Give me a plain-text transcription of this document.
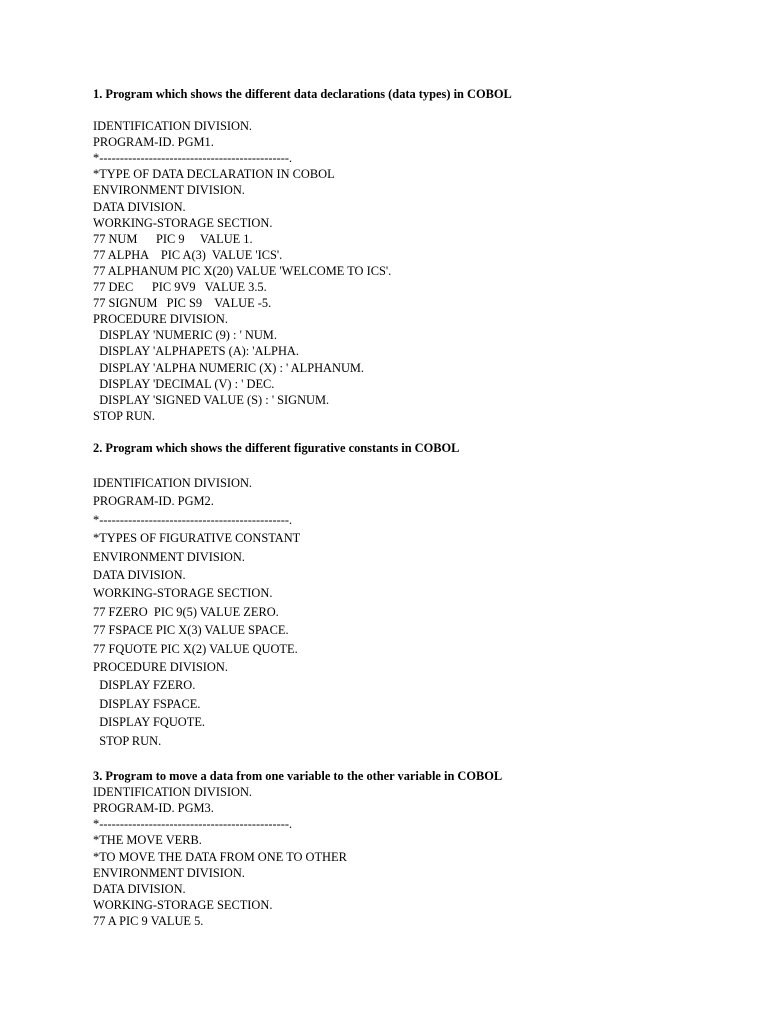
1. Program which shows the different data declarations (data types) in COBOL

IDENTIFICATION DIVISION.

PROGRAM-ID. PGM1.

*----------------------------------------------.

*TYPE OF DATA DECLARATION IN COBOL

ENVIRONMENT DIVISION.

DATA DIVISION.

WORKING-STORAGE SECTION.

77 NUM      PIC 9     VALUE 1.

77 ALPHA    PIC A(3)  VALUE 'ICS'.

77 ALPHANUM PIC X(20) VALUE 'WELCOME TO ICS'.

77 DEC      PIC 9V9   VALUE 3.5.

77 SIGNUM   PIC S9    VALUE -5.

PROCEDURE DIVISION.

DISPLAY 'NUMERIC (9) : ' NUM.

DISPLAY 'ALPHAPETS (A): 'ALPHA.

DISPLAY 'ALPHA NUMERIC (X) : ' ALPHANUM.

DISPLAY 'DECIMAL (V) : ' DEC.

DISPLAY 'SIGNED VALUE (S) : ' SIGNUM.

STOP RUN.

2. Program which shows the different figurative constants in COBOL

IDENTIFICATION DIVISION.

PROGRAM-ID. PGM2.

*----------------------------------------------.

*TYPES OF FIGURATIVE CONSTANT

ENVIRONMENT DIVISION.

DATA DIVISION.

WORKING-STORAGE SECTION.

77 FZERO  PIC 9(5) VALUE ZERO.

77 FSPACE PIC X(3) VALUE SPACE.

77 FQUOTE PIC X(2) VALUE QUOTE.

PROCEDURE DIVISION.

DISPLAY FZERO.

DISPLAY FSPACE.

DISPLAY FQUOTE.

STOP RUN.

3. Program to move a data from one variable to the other variable in COBOL

IDENTIFICATION DIVISION.

PROGRAM-ID. PGM3.

*----------------------------------------------.

*THE MOVE VERB.

*TO MOVE THE DATA FROM ONE TO OTHER

ENVIRONMENT DIVISION.

DATA DIVISION.

WORKING-STORAGE SECTION.

77 A PIC 9 VALUE 5.
